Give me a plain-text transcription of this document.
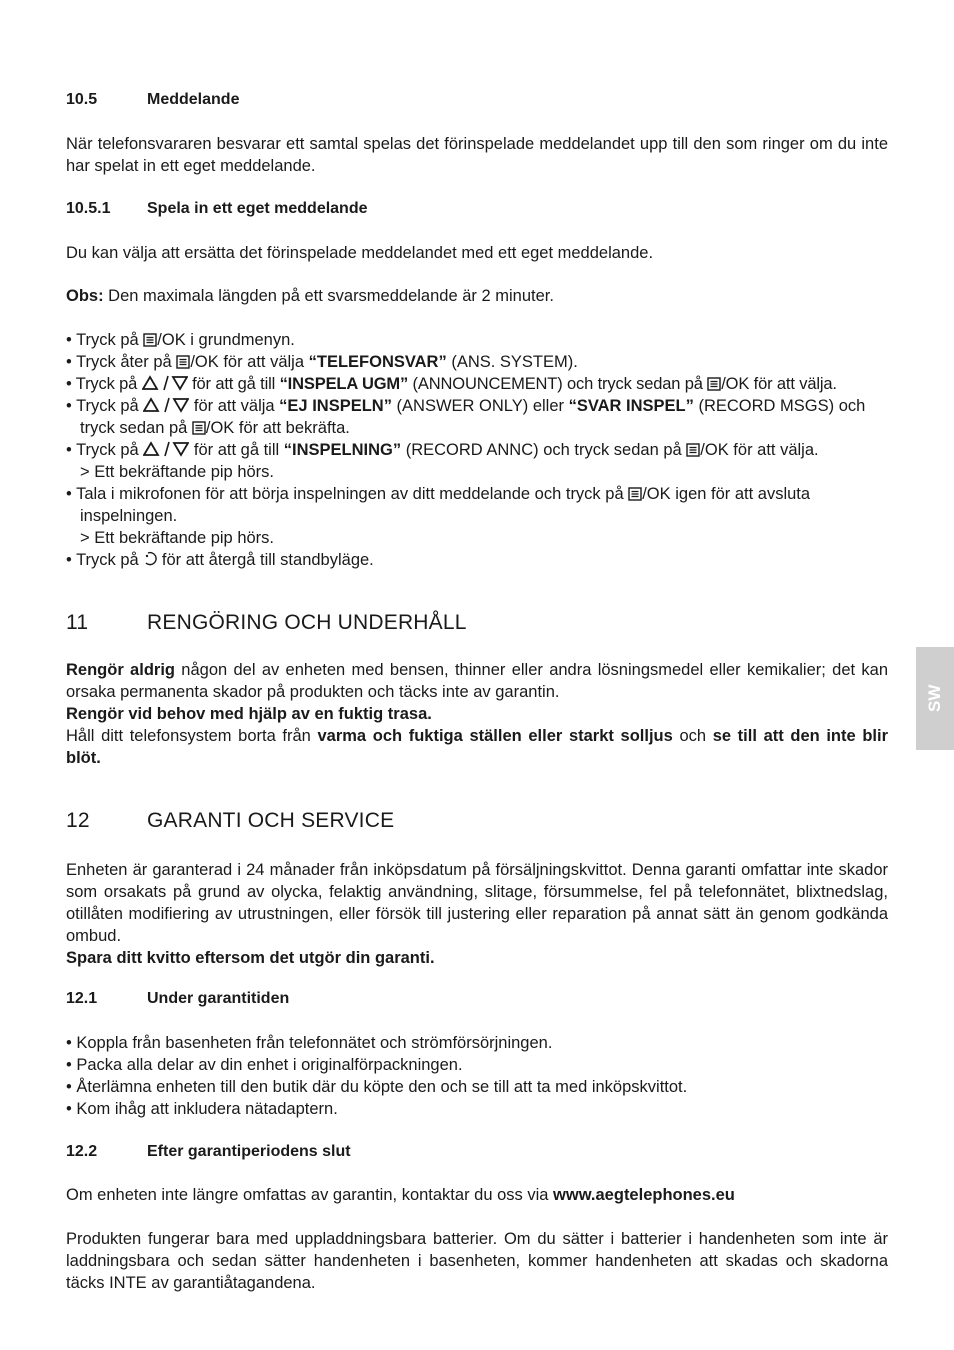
10.5	Meddelande
När telefonsvararen besvarar ett samtal spelas det förinspelade meddelandet upp till den som ringer om du inte har spelat in ett eget meddelande.
10.5.1 Spela in ett eget meddelande
Du kan välja att ersätta det förinspelade meddelandet med ett eget meddelande.
Obs: Den maximala längden på ett svarsmeddelande är 2 minuter.
• Tryck på /OK i grundmenyn.
• Tryck åter på /OK för att välja “TELEFONSVAR” (ANS. SYSTEM).
• Tryck på	för att gå till “INSPELA UGM” (ANNOUNCEMENT) och tryck sedan på /OK för att välja.
• Tryck på	för att välja “EJ INSPELN” (ANSWER ONLY) eller “SVAR INSPEL” (RECORD MSGS) och
tryck sedan på /OK för att bekräfta.
• Tryck på	för att gå till “INSPELNING” (RECORD ANNC) och tryck sedan på /OK för att välja.
> Ett bekräftande pip hörs.
• Tala i mikrofonen för att börja inspelningen av ditt meddelande och tryck på /OK igen för att avsluta
inspelningen.
> Ett bekräftande pip hörs.
• Tryck på  för att återgå till standbyläge.
11	RENGÖRING OCH UNDERHÅLL
Rengör aldrig någon del av enheten med bensen, thinner eller andra lösningsmedel eller kemikalier; det kan orsaka permanenta skador på produkten och täcks inte av garantin.
Rengör vid behov med hjälp av en fuktig trasa.
Håll ditt telefonsystem borta från varma och fuktiga ställen eller starkt solljus och se till att den inte blir blöt.
12	GARANTI OCH SERVICE
Enheten är garanterad i 24 månader från inköpsdatum på försäljningskvittot. Denna garanti omfattar inte skador som orsakats på grund av olycka, felaktig användning, slitage, försummelse, fel på telefonnätet, blixtnedslag, otillåten modifiering av utrustningen, eller försök till justering eller reparation på annat sätt än genom godkända ombud.
Spara ditt kvitto eftersom det utgör din garanti.
12.1	Under garantitiden
• Koppla från basenheten från telefonnätet och strömförsörjningen.
• Packa alla delar av din enhet i originalförpackningen.
• Återlämna enheten till den butik där du köpte den och se till att ta med inköpskvittot.
• Kom ihåg att inkludera nätadaptern.
12.2	Efter garantiperiodens slut
Om enheten inte längre omfattas av garantin, kontaktar du oss via www.aegtelephones.eu
Produkten fungerar bara med uppladdningsbara batterier. Om du sätter i batterier i handenheten som inte är laddningsbara och sedan sätter handenheten i basenheten, kommer handenheten att skadas och skadorna täcks INTE av garantiåtagandena.
SW
